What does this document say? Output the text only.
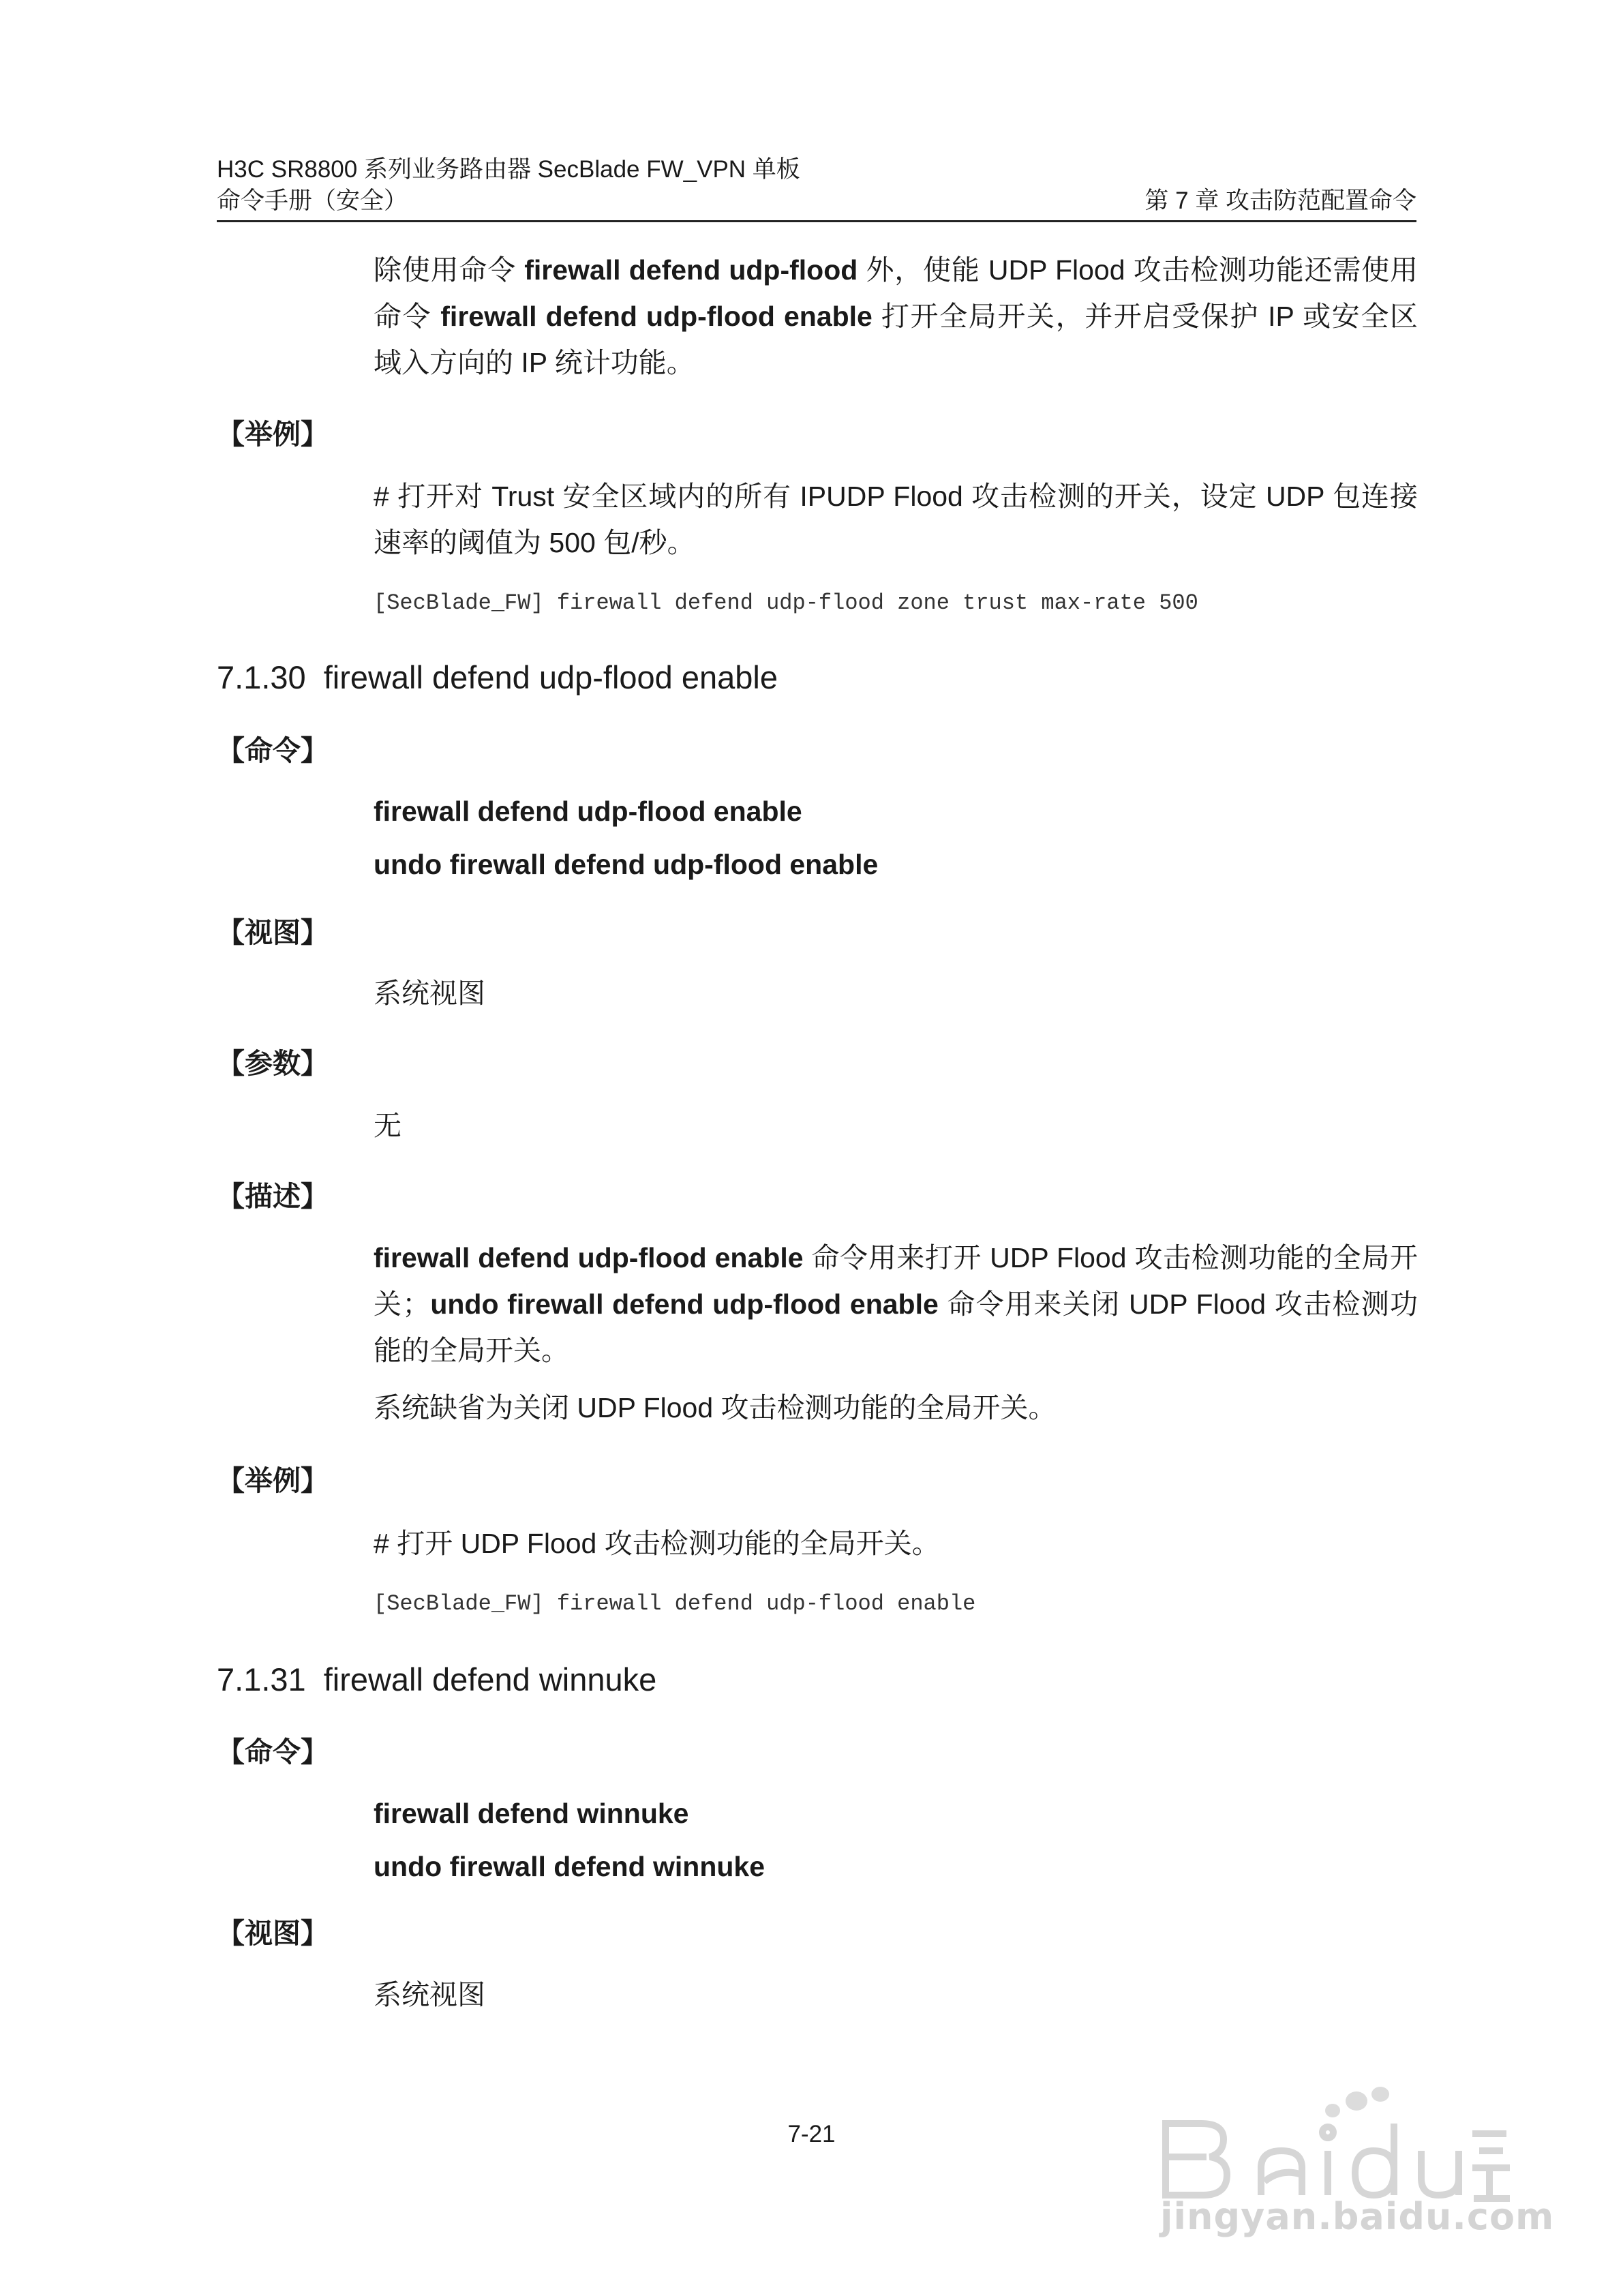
H3C SR8800 系列业务路由器 SecBlade FW_VPN 单板
命令手册（安全）	第 7 章 攻击防范配置命令

除使用命令 firewall defend udp-flood 外，使能 UDP Flood 攻击检测功能还需使用命令 firewall defend udp-flood enable 打开全局开关，并开启受保护 IP 或安全区域入方向的 IP 统计功能。

【举例】

# 打开对 Trust 安全区域内的所有 IPUDP Flood 攻击检测的开关，设定 UDP 包连接速率的阈值为 500 包/秒。

[SecBlade_FW] firewall defend udp-flood zone trust max-rate 500
7.1.30 firewall defend udp-flood enable
【命令】
firewall defend udp-flood enable
undo firewall defend udp-flood enable
【视图】
系统视图
【参数】
无
【描述】

firewall defend udp-flood enable 命令用来打开 UDP Flood 攻击检测功能的全局开关；undo firewall defend udp-flood enable 命令用来关闭 UDP Flood 攻击检测功能的全局开关。

系统缺省为关闭 UDP Flood 攻击检测功能的全局开关。

【举例】

# 打开 UDP Flood 攻击检测功能的全局开关。

[SecBlade_FW] firewall defend udp-flood enable
7.1.31 firewall defend winnuke
【命令】
firewall defend winnuke
undo firewall defend winnuke
【视图】
系统视图
7-21
jingyan.baidu.com
